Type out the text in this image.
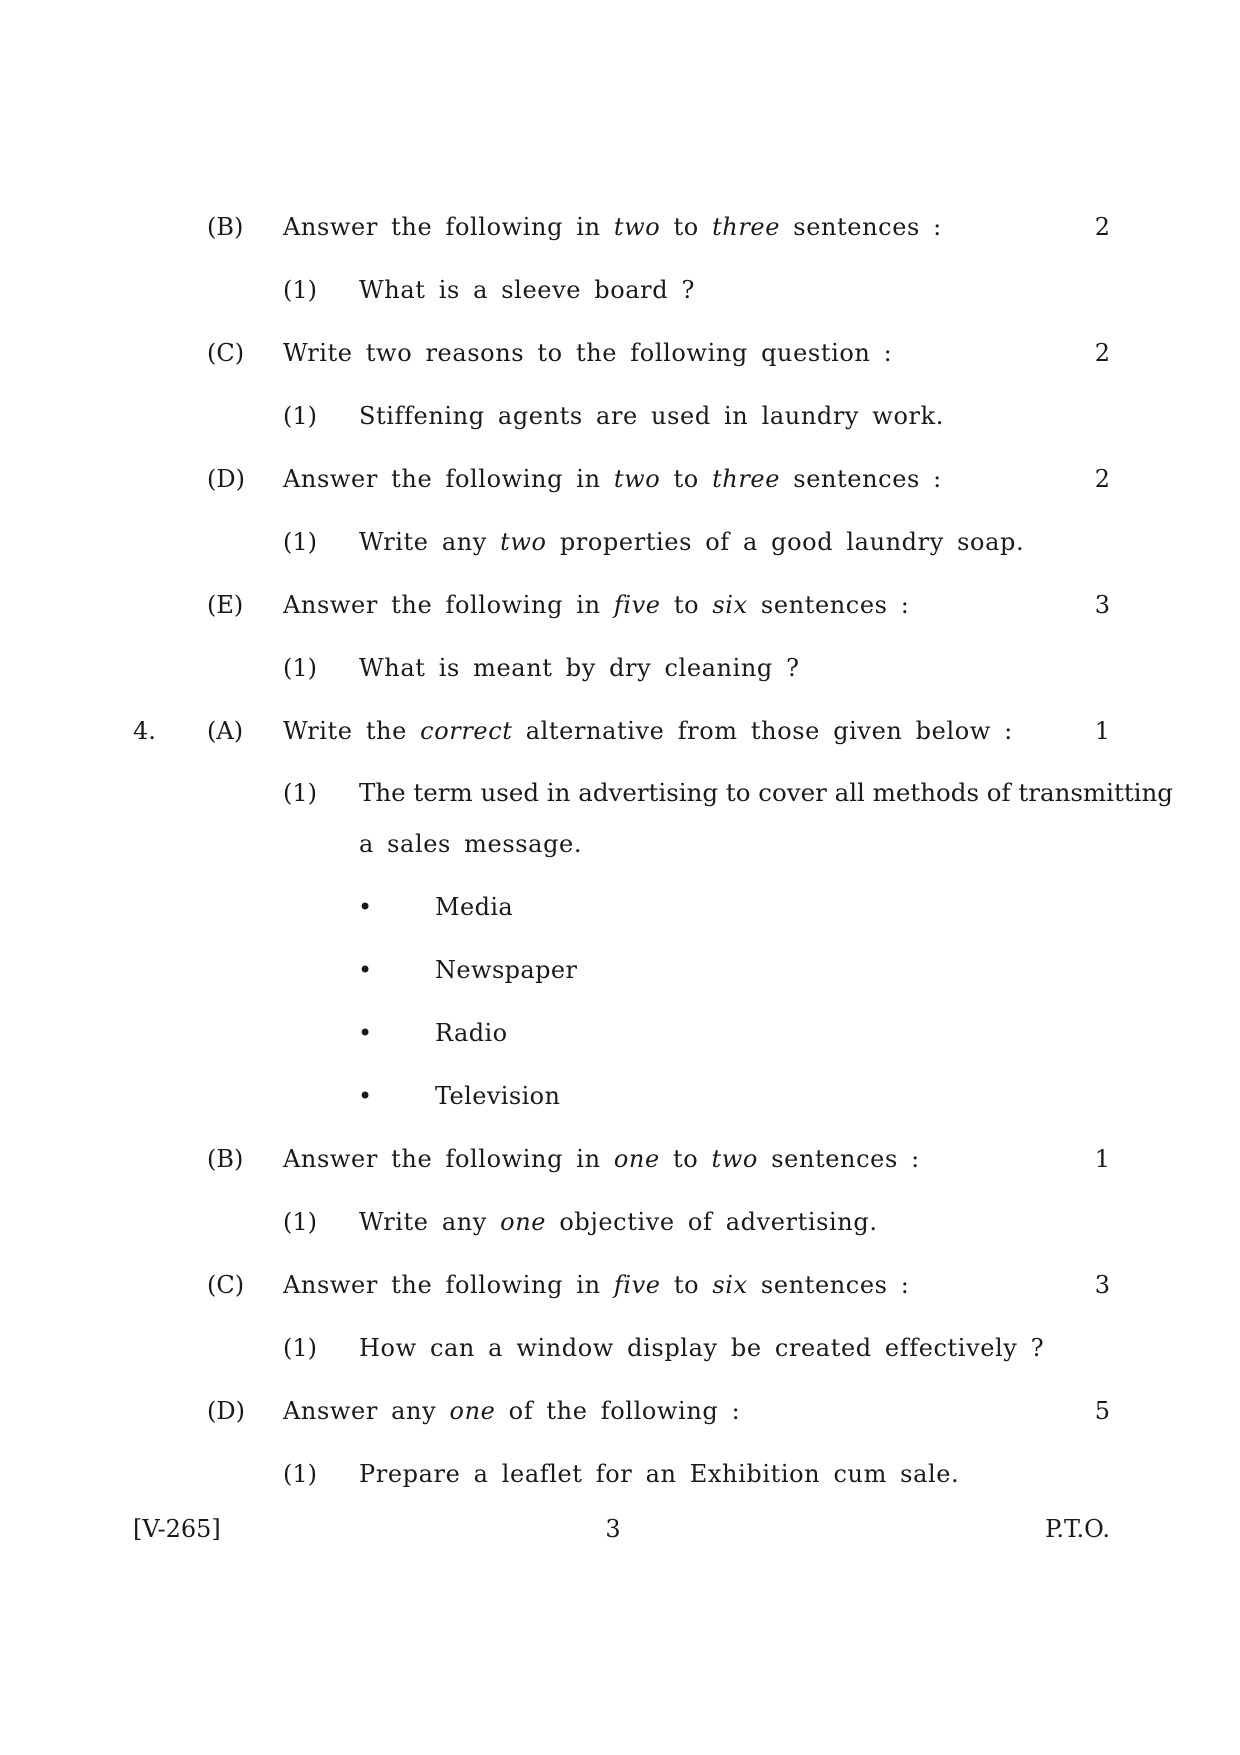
(B) Answer the following in two to three sentences :	2
(1) What is a sleeve board ?
(C) Write two reasons to the following question :	2
(1) Stiffening agents are used in laundry work.
(D) Answer the following in two to three sentences :	2
(1) Write any two properties of a good laundry soap.
(E) Answer the following in five to six sentences :	3
(1) What is meant by dry cleaning ?
4. (A) Write the correct alternative from those given below :	1
(1) The term used in advertising to cover all methods of transmitting
a sales message.
•	Media
•	Newspaper
•	Radio
•	Television
(B) Answer the following in one to two sentences :	1
(1) Write any one objective of advertising.
(C) Answer the following in five to six sentences :	3
(1) How can a window display be created effectively ?
(D) Answer any one of the following :	5
(1) Prepare a leaflet for an Exhibition cum sale.
[V-265]	3	P.T.O.
